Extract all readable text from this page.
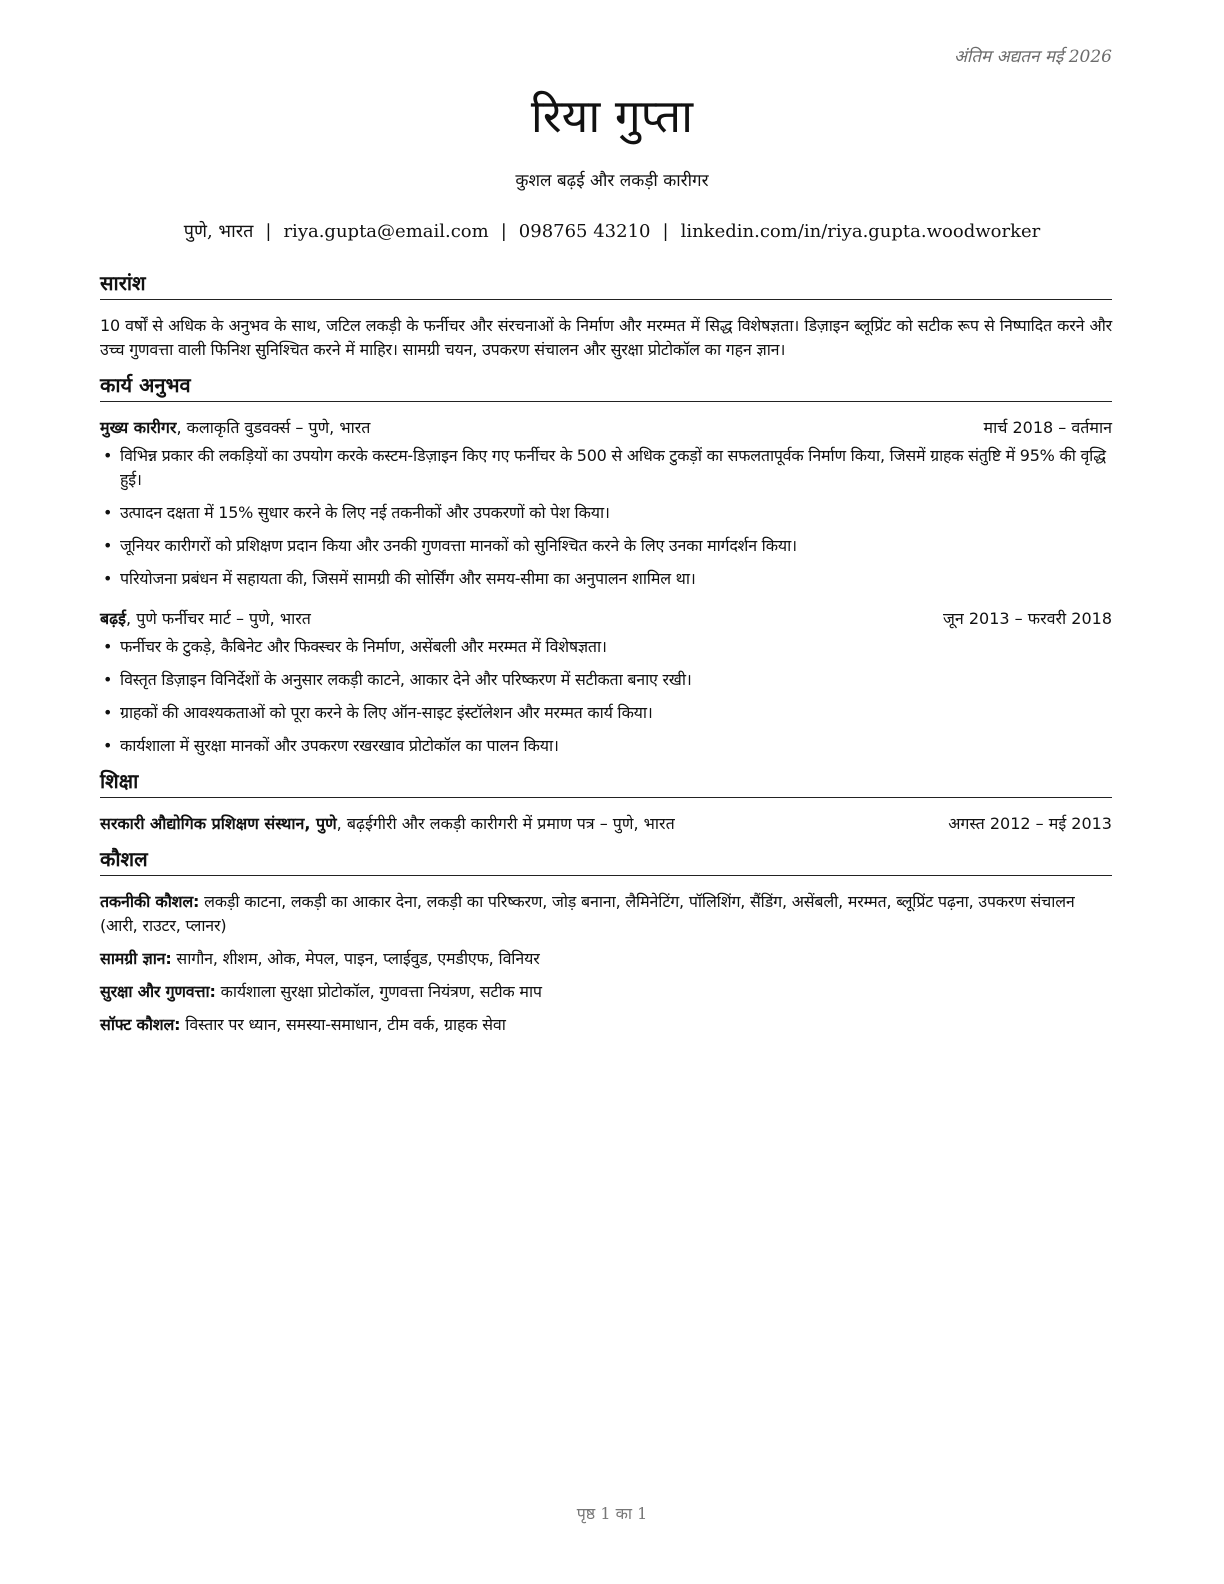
अंतिम अद्यतन मई 2026
रिया गुप्ता
कुशल बढ़ई और लकड़ी कारीगर
पुणे, भारत | riya.gupta@email.com | 098765 43210 | linkedin.com/in/riya.gupta.woodworker
सारांश

10 वर्षों से अधिक के अनुभव के साथ, जटिल लकड़ी के फर्नीचर और संरचनाओं के निर्माण और मरम्मत में सिद्ध विशेषज्ञता। डिज़ाइन ब्लूप्रिंट को सटीक रूप से निष्पादित करने और उच्च गुणवत्ता वाली फिनिश सुनिश्चित करने में माहिर। सामग्री चयन, उपकरण संचालन और सुरक्षा प्रोटोकॉल का गहन ज्ञान।

कार्य अनुभव
मुख्य कारीगर, कलाकृति वुडवर्क्स – पुणे, भारत	मार्च 2018 – वर्तमान
• विभिन्न प्रकार की लकड़ियों का उपयोग करके कस्टम-डिज़ाइन किए गए फर्नीचर के 500 से अधिक टुकड़ों का सफलतापूर्वक निर्माण किया, जिसमें ग्राहक संतुष्टि में 95% की वृद्धि हुई।
• उत्पादन दक्षता में 15% सुधार करने के लिए नई तकनीकों और उपकरणों को पेश किया।
• जूनियर कारीगरों को प्रशिक्षण प्रदान किया और उनकी गुणवत्ता मानकों को सुनिश्चित करने के लिए उनका मार्गदर्शन किया।
• परियोजना प्रबंधन में सहायता की, जिसमें सामग्री की सोर्सिंग और समय-सीमा का अनुपालन शामिल था।
बढ़ई, पुणे फर्नीचर मार्ट – पुणे, भारत	जून 2013 – फरवरी 2018
• फर्नीचर के टुकड़े, कैबिनेट और फिक्स्चर के निर्माण, असेंबली और मरम्मत में विशेषज्ञता।
• विस्तृत डिज़ाइन विनिर्देशों के अनुसार लकड़ी काटने, आकार देने और परिष्करण में सटीकता बनाए रखी।
• ग्राहकों की आवश्यकताओं को पूरा करने के लिए ऑन-साइट इंस्टॉलेशन और मरम्मत कार्य किया।
• कार्यशाला में सुरक्षा मानकों और उपकरण रखरखाव प्रोटोकॉल का पालन किया।
शिक्षा
सरकारी औद्योगिक प्रशिक्षण संस्थान, पुणे, बढ़ईगीरी और लकड़ी कारीगरी में प्रमाण पत्र – पुणे, भारत	अगस्त 2012 – मई 2013
कौशल
तकनीकी कौशल: लकड़ी काटना, लकड़ी का आकार देना, लकड़ी का परिष्करण, जोड़ बनाना, लैमिनेटिंग, पॉलिशिंग, सैंडिंग, असेंबली, मरम्मत, ब्लूप्रिंट पढ़ना, उपकरण संचालन (आरी, राउटर, प्लानर)
सामग्री ज्ञान: सागौन, शीशम, ओक, मेपल, पाइन, प्लाईवुड, एमडीएफ, विनियर
सुरक्षा और गुणवत्ता: कार्यशाला सुरक्षा प्रोटोकॉल, गुणवत्ता नियंत्रण, सटीक माप
सॉफ्ट कौशल: विस्तार पर ध्यान, समस्या-समाधान, टीम वर्क, ग्राहक सेवा
पृष्ठ 1 का 1
